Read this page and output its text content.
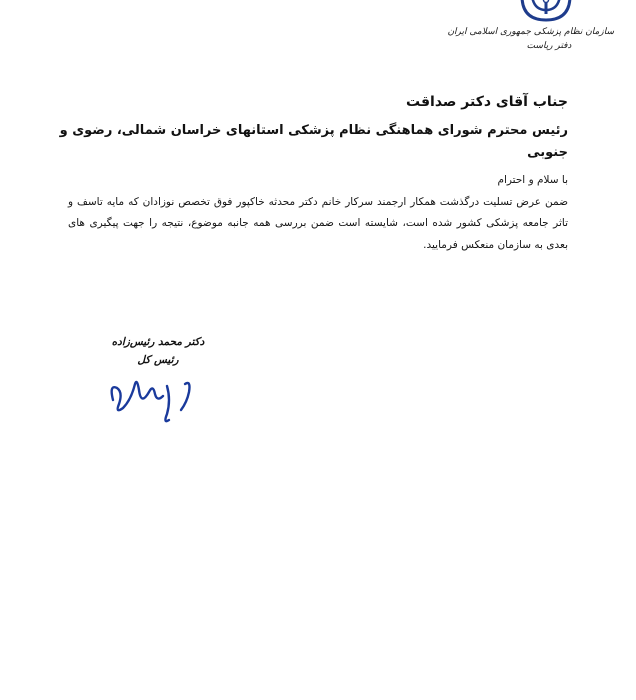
سازمان نظام پزشکی جمهوری اسلامی ایران
دفتر ریاست
جناب آقای دکتر صداقت
رئیس محترم شورای هماهنگی نظام پزشکی استانهای خراسان شمالی، رضوی و جنوبی
با سلام و احترام
ضمن عرض تسلیت درگذشت همکار ارجمند سرکار خانم دکتر محدثه خاکپور فوق تخصص نوزادان که مایه تاسف و تاثر جامعه پزشکی کشور شده است، شایسته است ضمن بررسی همه جانبه موضوع، نتیجه را جهت پیگیری های بعدی به سازمان منعکس فرمایید.
دکتر محمد رئیس‌زاده
رئیس کل
